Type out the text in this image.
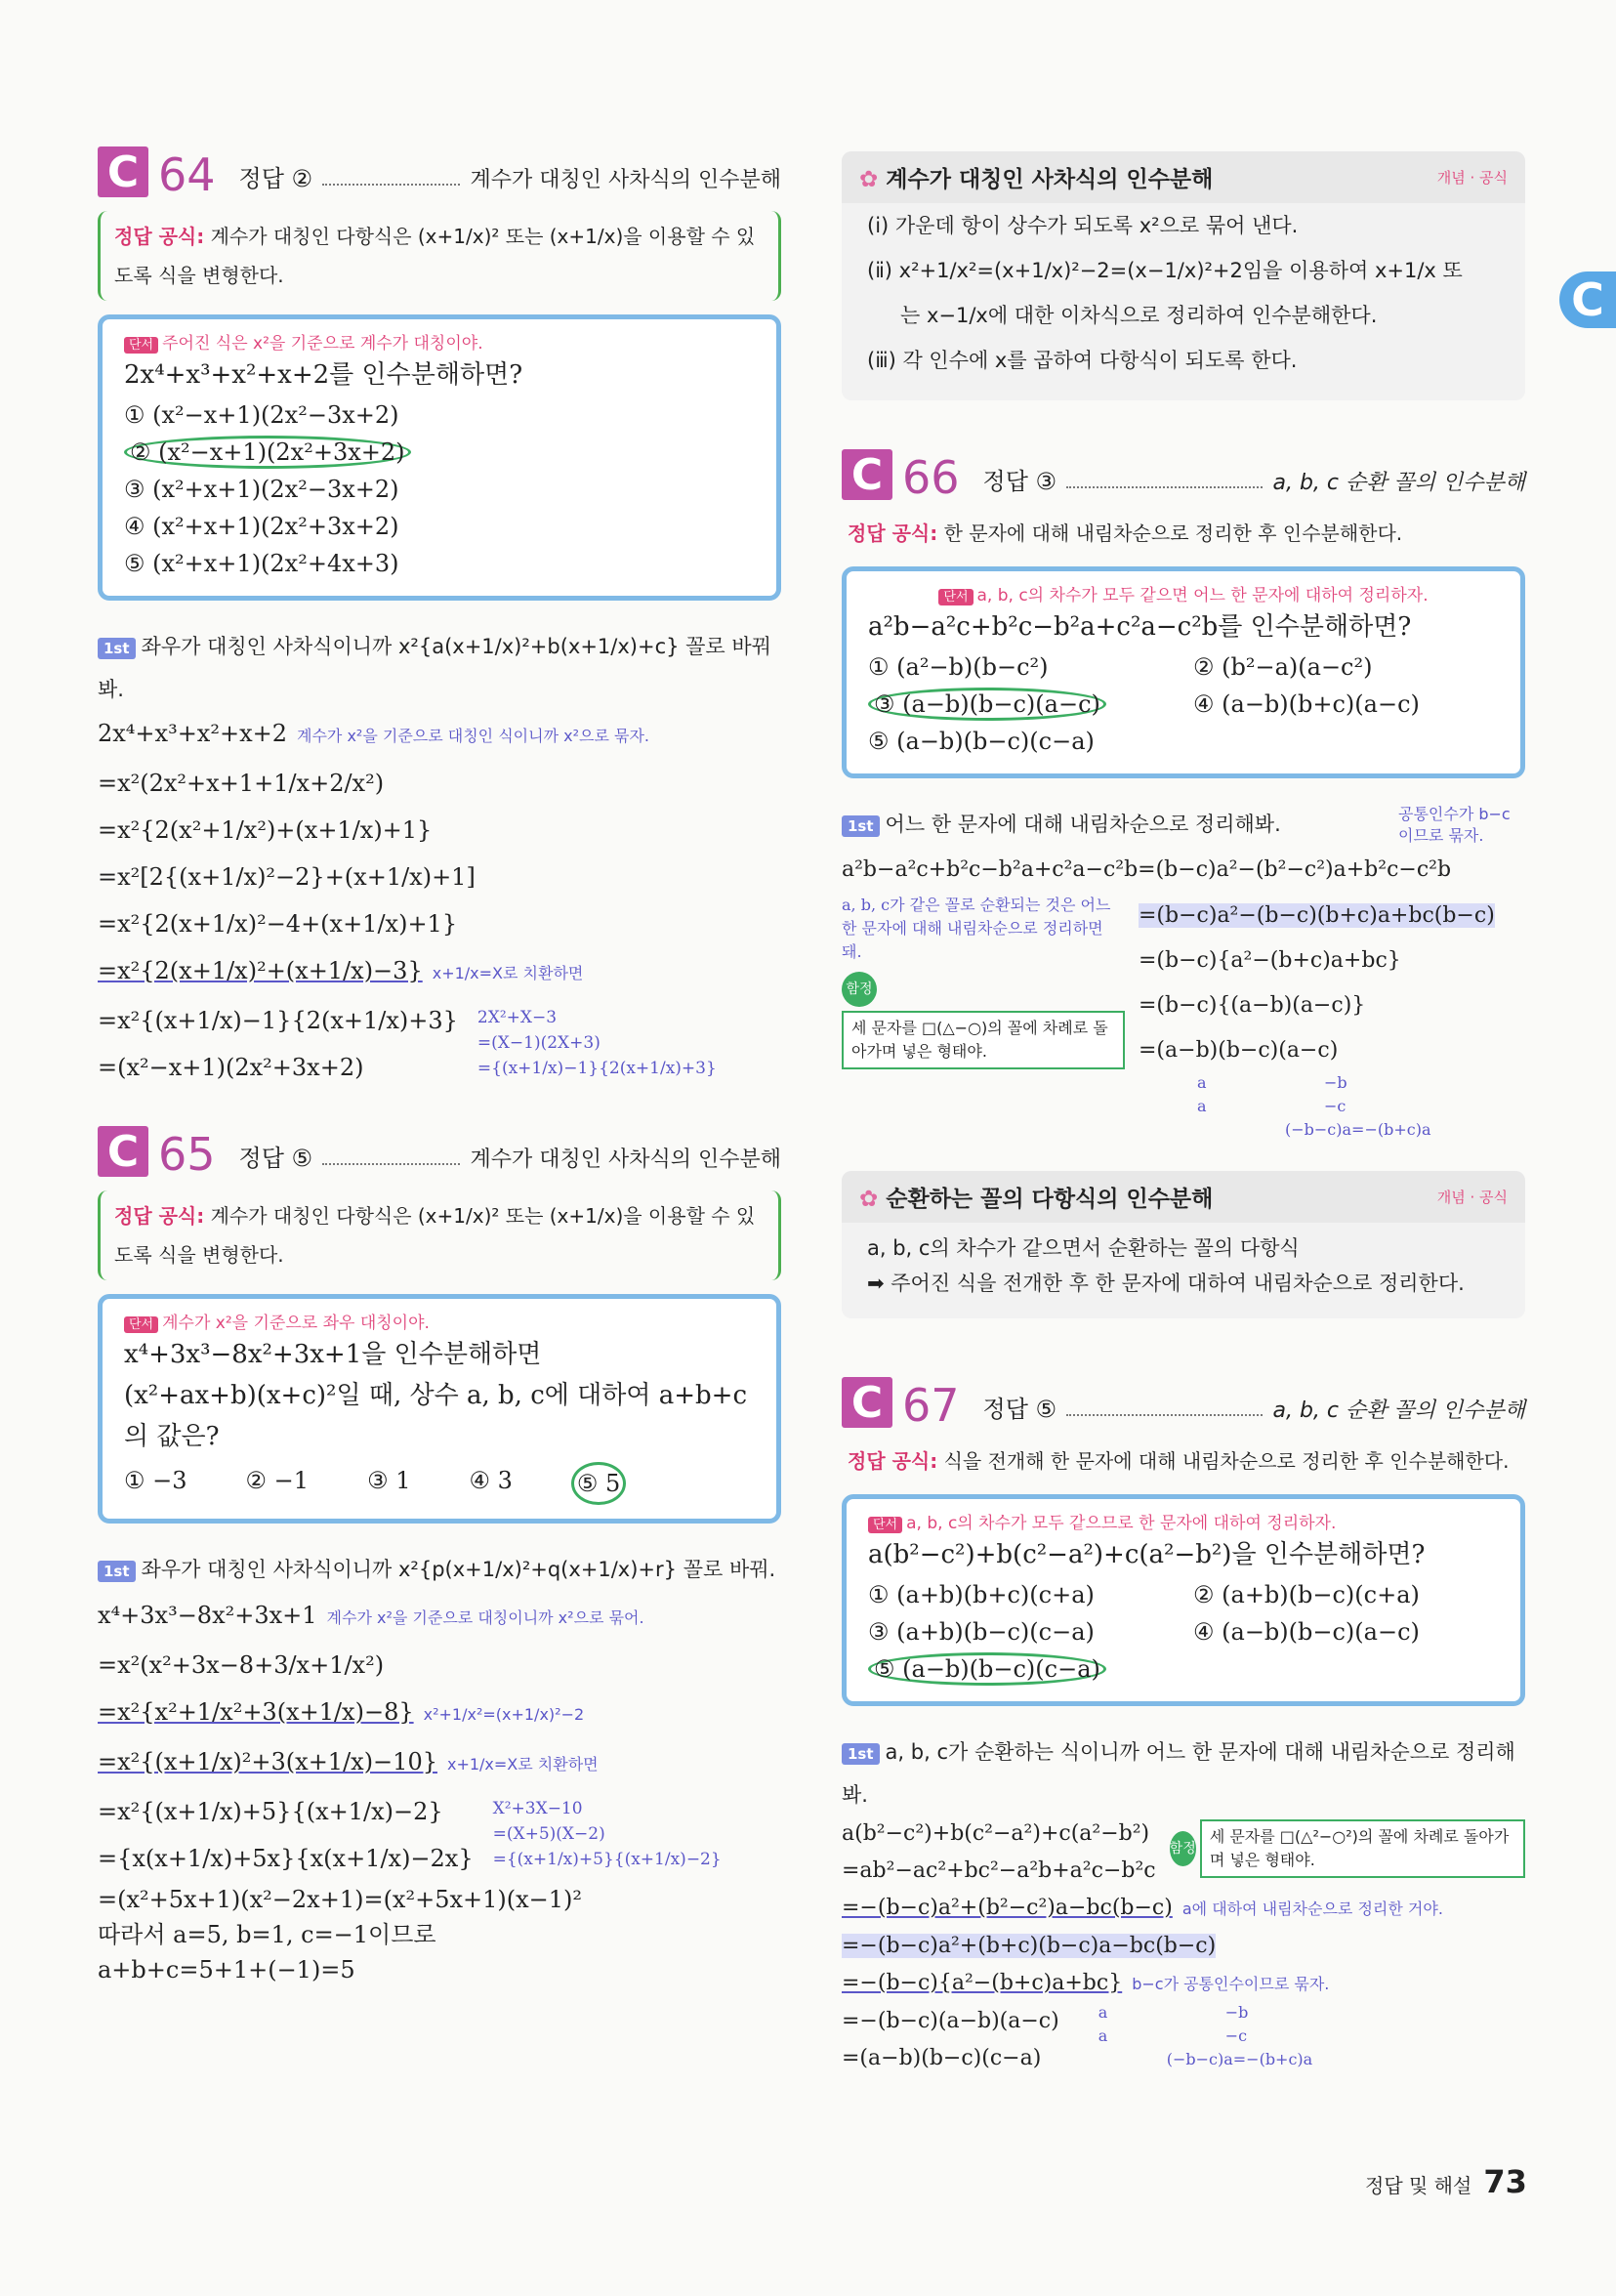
C
C 64 정답 ②	계수가 대칭인 사차식의 인수분해
정답 공식: 계수가 대칭인 다항식은 (x+1/x)² 또는 (x+1/x)을 이용할 수 있도록 식을 변형한다.
단서 주어진 식은 x²을 기준으로 계수가 대칭이야.
2x⁴+x³+x²+x+2를 인수분해하면?
① (x²−x+1)(2x²−3x+2)
② (x²−x+1)(2x²+3x+2)
③ (x²+x+1)(2x²−3x+2)
④ (x²+x+1)(2x²+3x+2)
⑤ (x²+x+1)(2x²+4x+3)
1st 좌우가 대칭인 사차식이니까 x²{a(x+1/x)²+b(x+1/x)+c} 꼴로 바꿔봐.
2x⁴+x³+x²+x+2 계수가 x²을 기준으로 대칭인 식이니까 x²으로 묶자.
=x²(2x²+x+1+1/x+2/x²)
=x²{2(x²+1/x²)+(x+1/x)+1}
=x²[2{(x+1/x)²−2}+(x+1/x)+1]
=x²{2(x+1/x)²−4+(x+1/x)+1}
=x²{2(x+1/x)²+(x+1/x)−3} x+1/x=X로 치환하면
=x²{(x+1/x)−1}{2(x+1/x)+3}
=(x²−x+1)(2x²+3x+2)
2X²+X−3
=(X−1)(2X+3)
={(x+1/x)−1}{2(x+1/x)+3}
C 65 정답 ⑤	계수가 대칭인 사차식의 인수분해
정답 공식: 계수가 대칭인 다항식은 (x+1/x)² 또는 (x+1/x)을 이용할 수 있도록 식을 변형한다.
단서 계수가 x²을 기준으로 좌우 대칭이야.
x⁴+3x³−8x²+3x+1을 인수분해하면
(x²+ax+b)(x+c)²일 때, 상수 a, b, c에 대하여 a+b+c
의 값은?
① −3	② −1	③ 1	④ 3	⑤ 5
1st 좌우가 대칭인 사차식이니까 x²{p(x+1/x)²+q(x+1/x)+r} 꼴로 바꿔.
x⁴+3x³−8x²+3x+1 계수가 x²을 기준으로 대칭이니까 x²으로 묶어.
=x²(x²+3x−8+3/x+1/x²)
=x²{x²+1/x²+3(x+1/x)−8} x²+1/x²=(x+1/x)²−2
=x²{(x+1/x)²+3(x+1/x)−10} x+1/x=X로 치환하면
=x²{(x+1/x)+5}{(x+1/x)−2}
={x(x+1/x)+5x}{x(x+1/x)−2x}
X²+3X−10
=(X+5)(X−2)
={(x+1/x)+5}{(x+1/x)−2}
=(x²+5x+1)(x²−2x+1)=(x²+5x+1)(x−1)²
따라서 a=5, b=1, c=−1이므로
a+b+c=5+1+(−1)=5
✿ 계수가 대칭인 사차식의 인수분해	개념 · 공식
(ⅰ) 가운데 항이 상수가 되도록 x²으로 묶어 낸다.
(ⅱ) x²+1/x²=(x+1/x)²−2=(x−1/x)²+2임을 이용하여 x+1/x 또
는 x−1/x에 대한 이차식으로 정리하여 인수분해한다.
(ⅲ) 각 인수에 x를 곱하여 다항식이 되도록 한다.
C 66 정답 ③	a, b, c 순환 꼴의 인수분해
정답 공식: 한 문자에 대해 내림차순으로 정리한 후 인수분해한다.
단서 a, b, c의 차수가 모두 같으면 어느 한 문자에 대하여 정리하자.
a²b−a²c+b²c−b²a+c²a−c²b를 인수분해하면?
① (a²−b)(b−c²)	② (b²−a)(a−c²)
③ (a−b)(b−c)(a−c)	④ (a−b)(b+c)(a−c)
⑤ (a−b)(b−c)(c−a)
1st 어느 한 문자에 대해 내림차순으로 정리해봐.	공통인수가 b−c이므로 묶자.
a²b−a²c+b²c−b²a+c²a−c²b=(b−c)a²−(b²−c²)a+b²c−c²b
a, b, c가 같은 꼴로 순환되는 것은 어느 한 문자에 대해 내림차순으로 정리하면 돼.
함정
세 문자를 □(△−○)의 꼴에 차례로 돌아가며 넣은 형태야.
=(b−c)a²−(b−c)(b+c)a+bc(b−c)
=(b−c){a²−(b+c)a+bc}
=(b−c){(a−b)(a−c)}
=(a−b)(b−c)(a−c)
a	−b
a	−c
(−b−c)a=−(b+c)a
✿ 순환하는 꼴의 다항식의 인수분해	개념 · 공식
a, b, c의 차수가 같으면서 순환하는 꼴의 다항식
➡ 주어진 식을 전개한 후 한 문자에 대하여 내림차순으로 정리한다.
C 67 정답 ⑤	a, b, c 순환 꼴의 인수분해
정답 공식: 식을 전개해 한 문자에 대해 내림차순으로 정리한 후 인수분해한다.
단서 a, b, c의 차수가 모두 같으므로 한 문자에 대하여 정리하자.
a(b²−c²)+b(c²−a²)+c(a²−b²)을 인수분해하면?
① (a+b)(b+c)(c+a)	② (a+b)(b−c)(c+a)
③ (a+b)(b−c)(c−a)	④ (a−b)(b−c)(a−c)
⑤ (a−b)(b−c)(c−a)
1st a, b, c가 순환하는 식이니까 어느 한 문자에 대해 내림차순으로 정리해봐.
a(b²−c²)+b(c²−a²)+c(a²−b²)
=ab²−ac²+bc²−a²b+a²c−b²c
함정
세 문자를 □(△²−○²)의 꼴에 차례로 돌아가며 넣은 형태야.
=−(b−c)a²+(b²−c²)a−bc(b−c) a에 대하여 내림차순으로 정리한 거야.
=−(b−c)a²+(b+c)(b−c)a−bc(b−c)
=−(b−c){a²−(b+c)a+bc} b−c가 공통인수이므로 묶자.
=−(b−c)(a−b)(a−c)
=(a−b)(b−c)(c−a)
a	−b
a	−c
(−b−c)a=−(b+c)a
정답 및 해설 73
